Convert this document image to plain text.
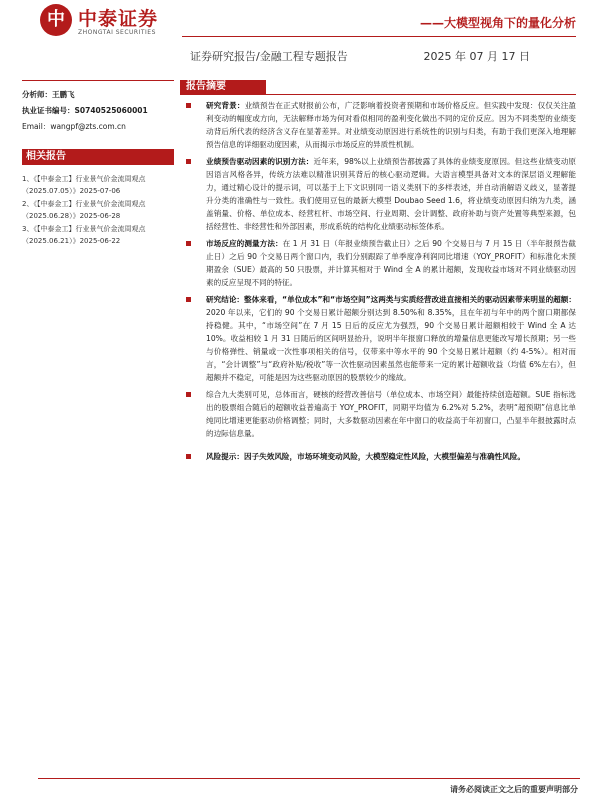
中 中泰证券
ZHONGTAI SECURITIES
——大模型视角下的量化分析
证券研究报告/金融工程专题报告	2025 年 07 月 17 日
分析师：王鹏飞
执业证书编号：S0740525060001
Email：wangpf@zts.com.cn
相关报告
1、《【中泰金工】行业景气价金流周观点（2025.07.05）》2025-07-06
2、《【中泰金工】行业景气价金流周观点（2025.06.28）》2025-06-28
3、《【中泰金工】行业景气价金流周观点（2025.06.21）》2025-06-22
报告摘要
研究背景：业绩预告在正式财报前公布，广泛影响着投资者预期和市场价格反应。但实践中发现：仅仅关注盈利变动的幅度或方向，无法解释市场为何对看似相同的盈利变化做出不同的定价反应。因为不同类型的业绩变动背后所代表的经济含义存在显著差异。对业绩变动原因进行系统性的识别与归类，有助于我们更深入地理解预告信息的详细驱动度因素，从而揭示市场反应的异质性机制。
业绩预告驱动因素的识别方法：近年来，98%以上业绩预告都披露了具体的业绩变度原因。但这些业绩变动原因语言风格各异，传统方法难以精准识别其背后的核心驱动逻辑。大语言模型具备对文本的深层语义理解能力，通过精心设计的提示词，可以基于上下文识别同一语义类别下的多样表述，并自动消解语义歧义，显著提升分类的准确性与一致性。我们使用豆包的最新大模型 Doubao Seed 1.6，将业绩变动原因归纳为九类，涵盖销量、价格、单位成本、经营杠杆、市场空间、行业周期、会计调整、政府补助与资产处置等典型来源，包括经营性、非经营性和外部因素，形成系统的结构化业绩驱动标签体系。
市场反应的测量方法：在 1 月 31 日（年报业绩预告截止日）之后 90 个交易日与 7 月 15 日（半年报预告截止日）之后 90 个交易日两个窗口内，我们分别跟踪了单季度净利润同比增速（YOY_PROFIT）和标准化未预期盈余（SUE）最高的 50 只股票，并计算其相对于 Wind 全 A 的累计超额，发现收益市场对不同业绩驱动因素的反应呈现不同的特征。
研究结论：整体来看，“单位成本”和“市场空间”这两类与实质经营改进直接相关的驱动因素带来明显的超额：2020 年以来，它们的 90 个交易日累计超额分别达到 8.50%和 8.35%，且在年初与年中的两个窗口期都保持稳健。其中，“市场空间”在 7 月 15 日后的反应尤为强烈，90 个交易日累计超额相较于 Wind 全 A 达 10%。收益相较 1 月 31 日随后的区间明显抬升，说明半年报窗口释放的增量信息更能改写增长预期；另一些与价格弹性、销量或一次性事项相关的信号，仅带来中等水平的 90 个交易日累计超额（约 4-5%）。相对而言，“会计调整”与“政府补贴/税收”等一次性驱动因素虽然也能带来一定的累计超额收益（均值 6%左右），但超额并不稳定，可能是因为这些驱动原因的股票较少的缘故。
综合九大类别可见，总体而言，硬核的经营改善信号（单位成本、市场空间）最能持续创造超额。SUE 指标选出的股票组合随后的超额收益普遍高于 YOY_PROFIT，同期平均值为 6.2%对 5.2%，表明“超预期”信息比单纯同比增速更能驱动价格调整；同时，大多数驱动因素在年中窗口的收益高于年初窗口，凸显半年报披露时点的边际信息量。
风险提示：因子失效风险，市场环境变动风险，大模型稳定性风险，大模型偏差与准确性风险。
请务必阅读正文之后的重要声明部分
